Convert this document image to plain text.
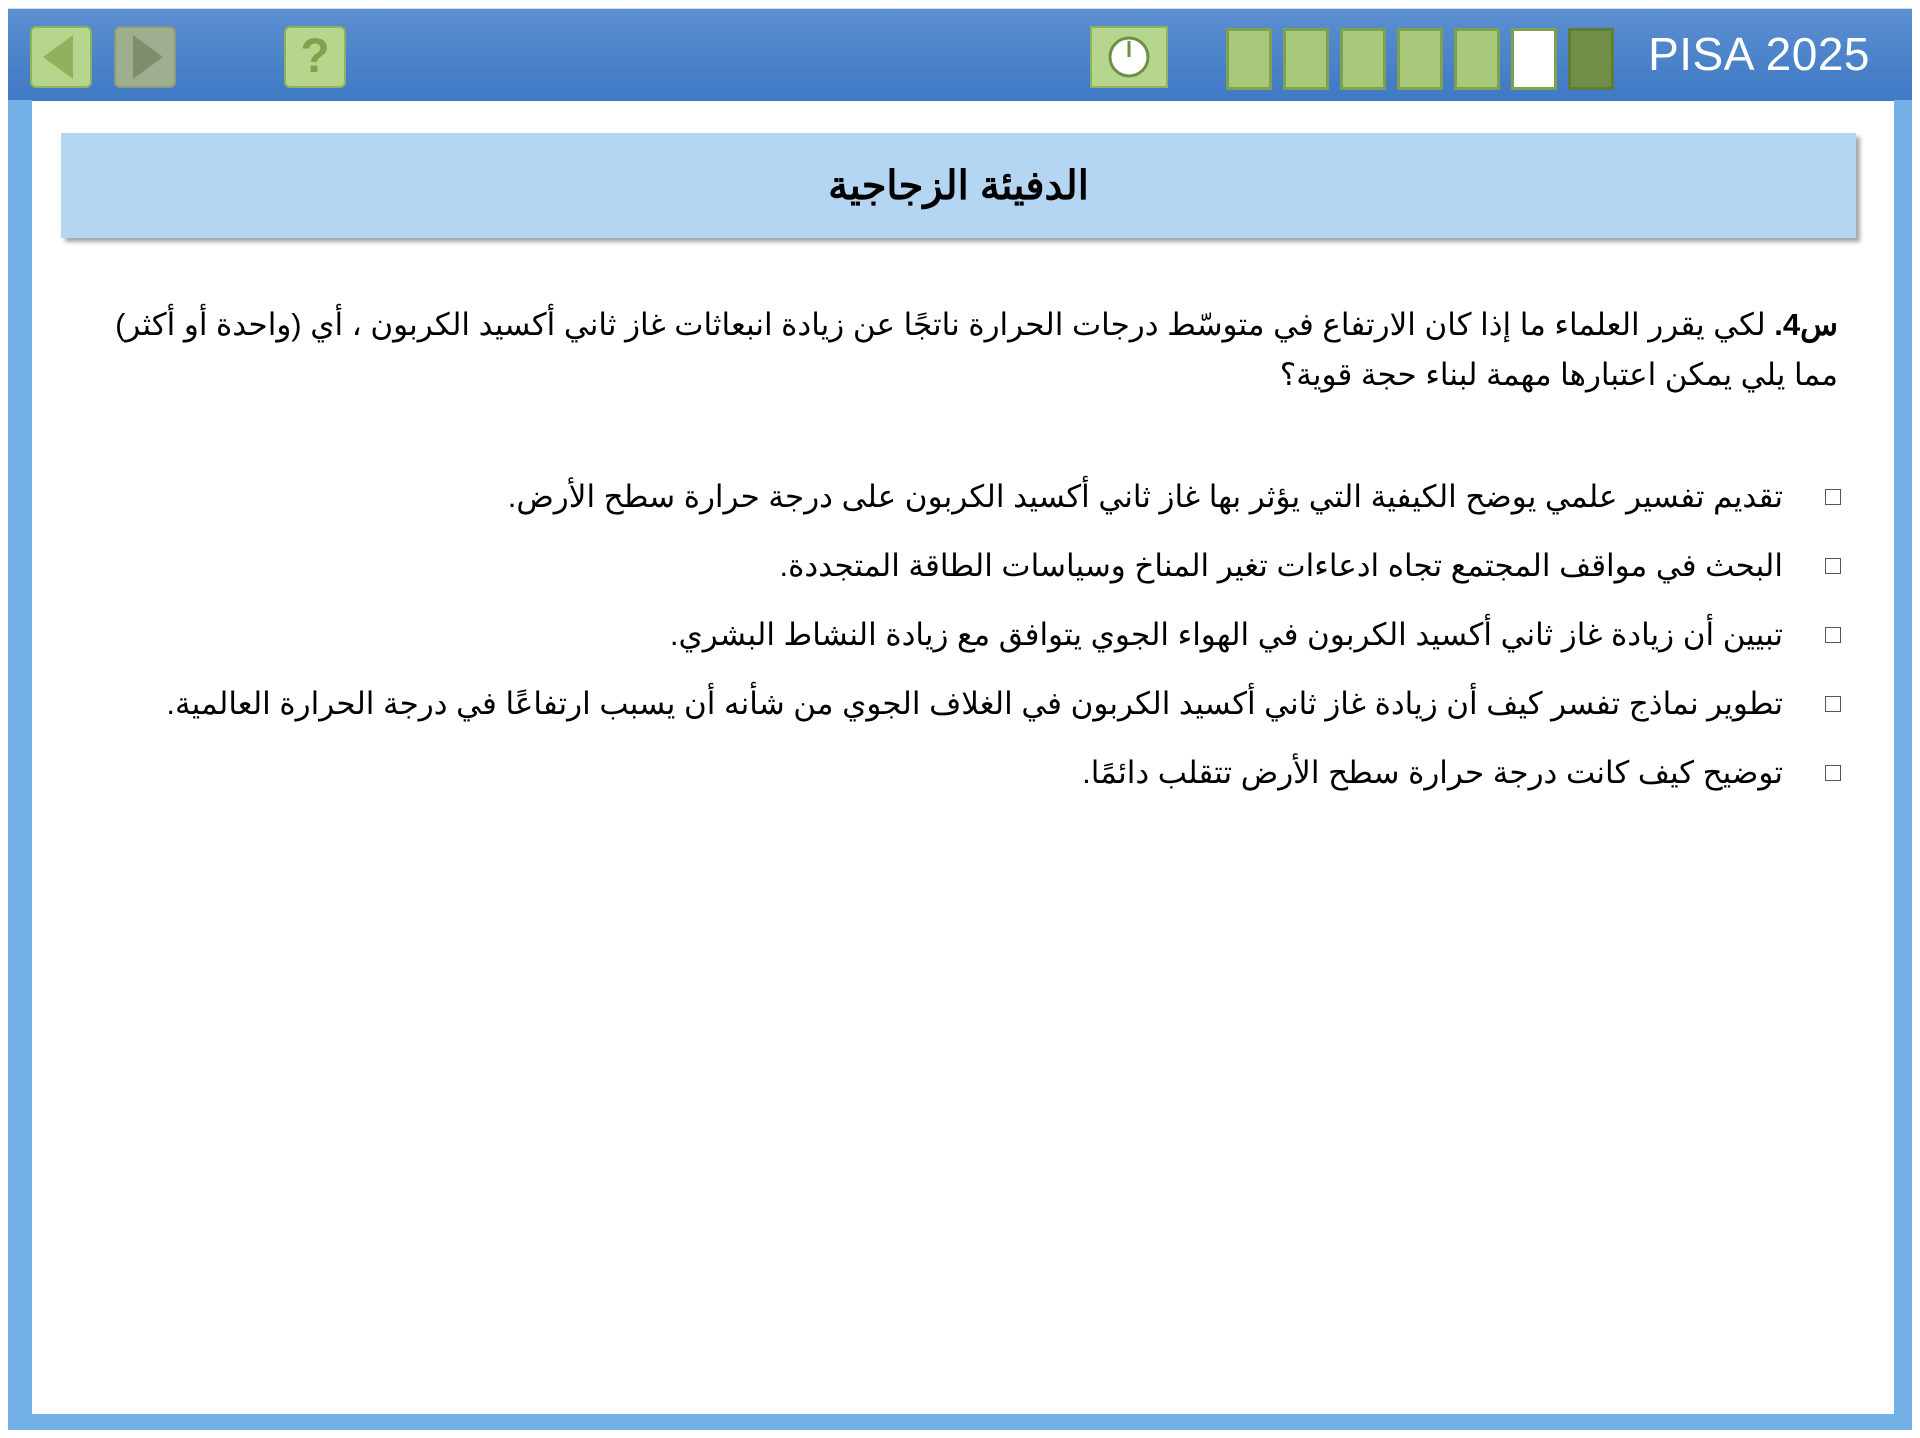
?	PISA 2025
الدفيئة الزجاجية
س4. لكي يقرر العلماء ما إذا كان الارتفاع في متوسّط درجات الحرارة ناتجًا عن زيادة انبعاثات غاز ثاني أكسيد الكربون ، أي (واحدة أو أكثر) مما يلي يمكن اعتبارها مهمة لبناء حجة قوية؟
تقديم تفسير علمي يوضح الكيفية التي يؤثر بها غاز ثاني أكسيد الكربون على درجة حرارة سطح الأرض.
البحث في مواقف المجتمع تجاه ادعاءات تغير المناخ وسياسات الطاقة المتجددة.
تبيين أن زيادة غاز ثاني أكسيد الكربون في الهواء الجوي يتوافق مع زيادة النشاط البشري.
تطوير نماذج تفسر كيف أن زيادة غاز ثاني أكسيد الكربون في الغلاف الجوي من شأنه أن يسبب ارتفاعًا في درجة الحرارة العالمية.
توضيح كيف كانت درجة حرارة سطح الأرض تتقلب دائمًا.
